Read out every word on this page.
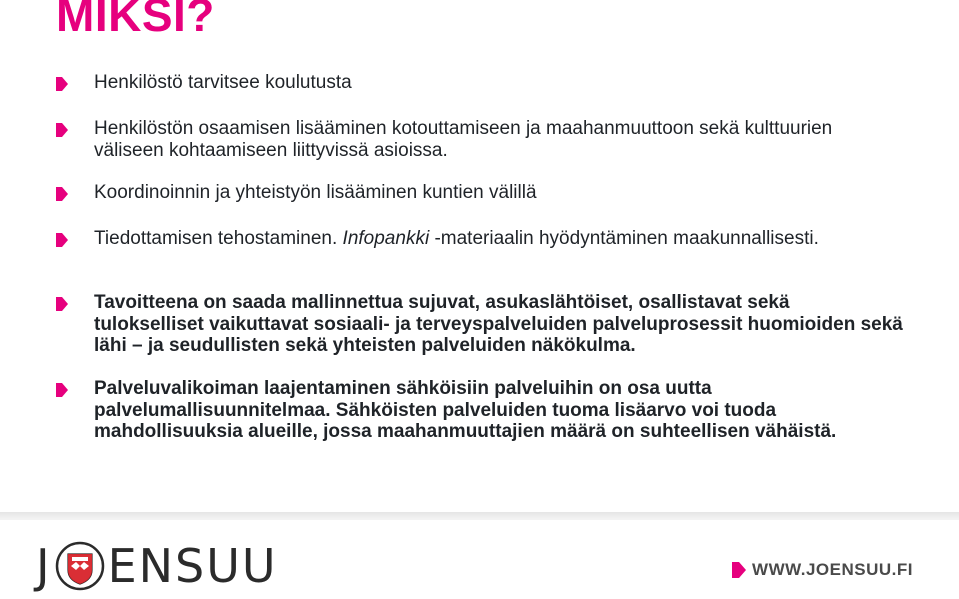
MIKSI?
Henkilöstö tarvitsee koulutusta
Henkilöstön osaamisen lisääminen kotouttamiseen ja maahanmuuttoon sekä kulttuurien väliseen kohtaamiseen liittyvissä asioissa.
Koordinoinnin ja yhteistyön lisääminen kuntien välillä
Tiedottamisen tehostaminen. Infopankki -materiaalin hyödyntäminen maakunnallisesti.
Tavoitteena on saada mallinnettua sujuvat, asukaslähtöiset, osallistavat sekä tulokselliset vaikuttavat sosiaali- ja terveyspalveluiden palveluprosessit huomioiden sekä lähi – ja seudullisten sekä yhteisten palveluiden näkökulma.
Palveluvalikoiman laajentaminen sähköisiin palveluihin on osa uutta palvelumallisuunnitelmaa. Sähköisten palveluiden tuoma lisäarvo voi tuoda mahdollisuuksia alueille, jossa maahanmuuttajien määrä on suhteellisen vähäistä.
J ENSUU	WWW.JOENSUU.FI
